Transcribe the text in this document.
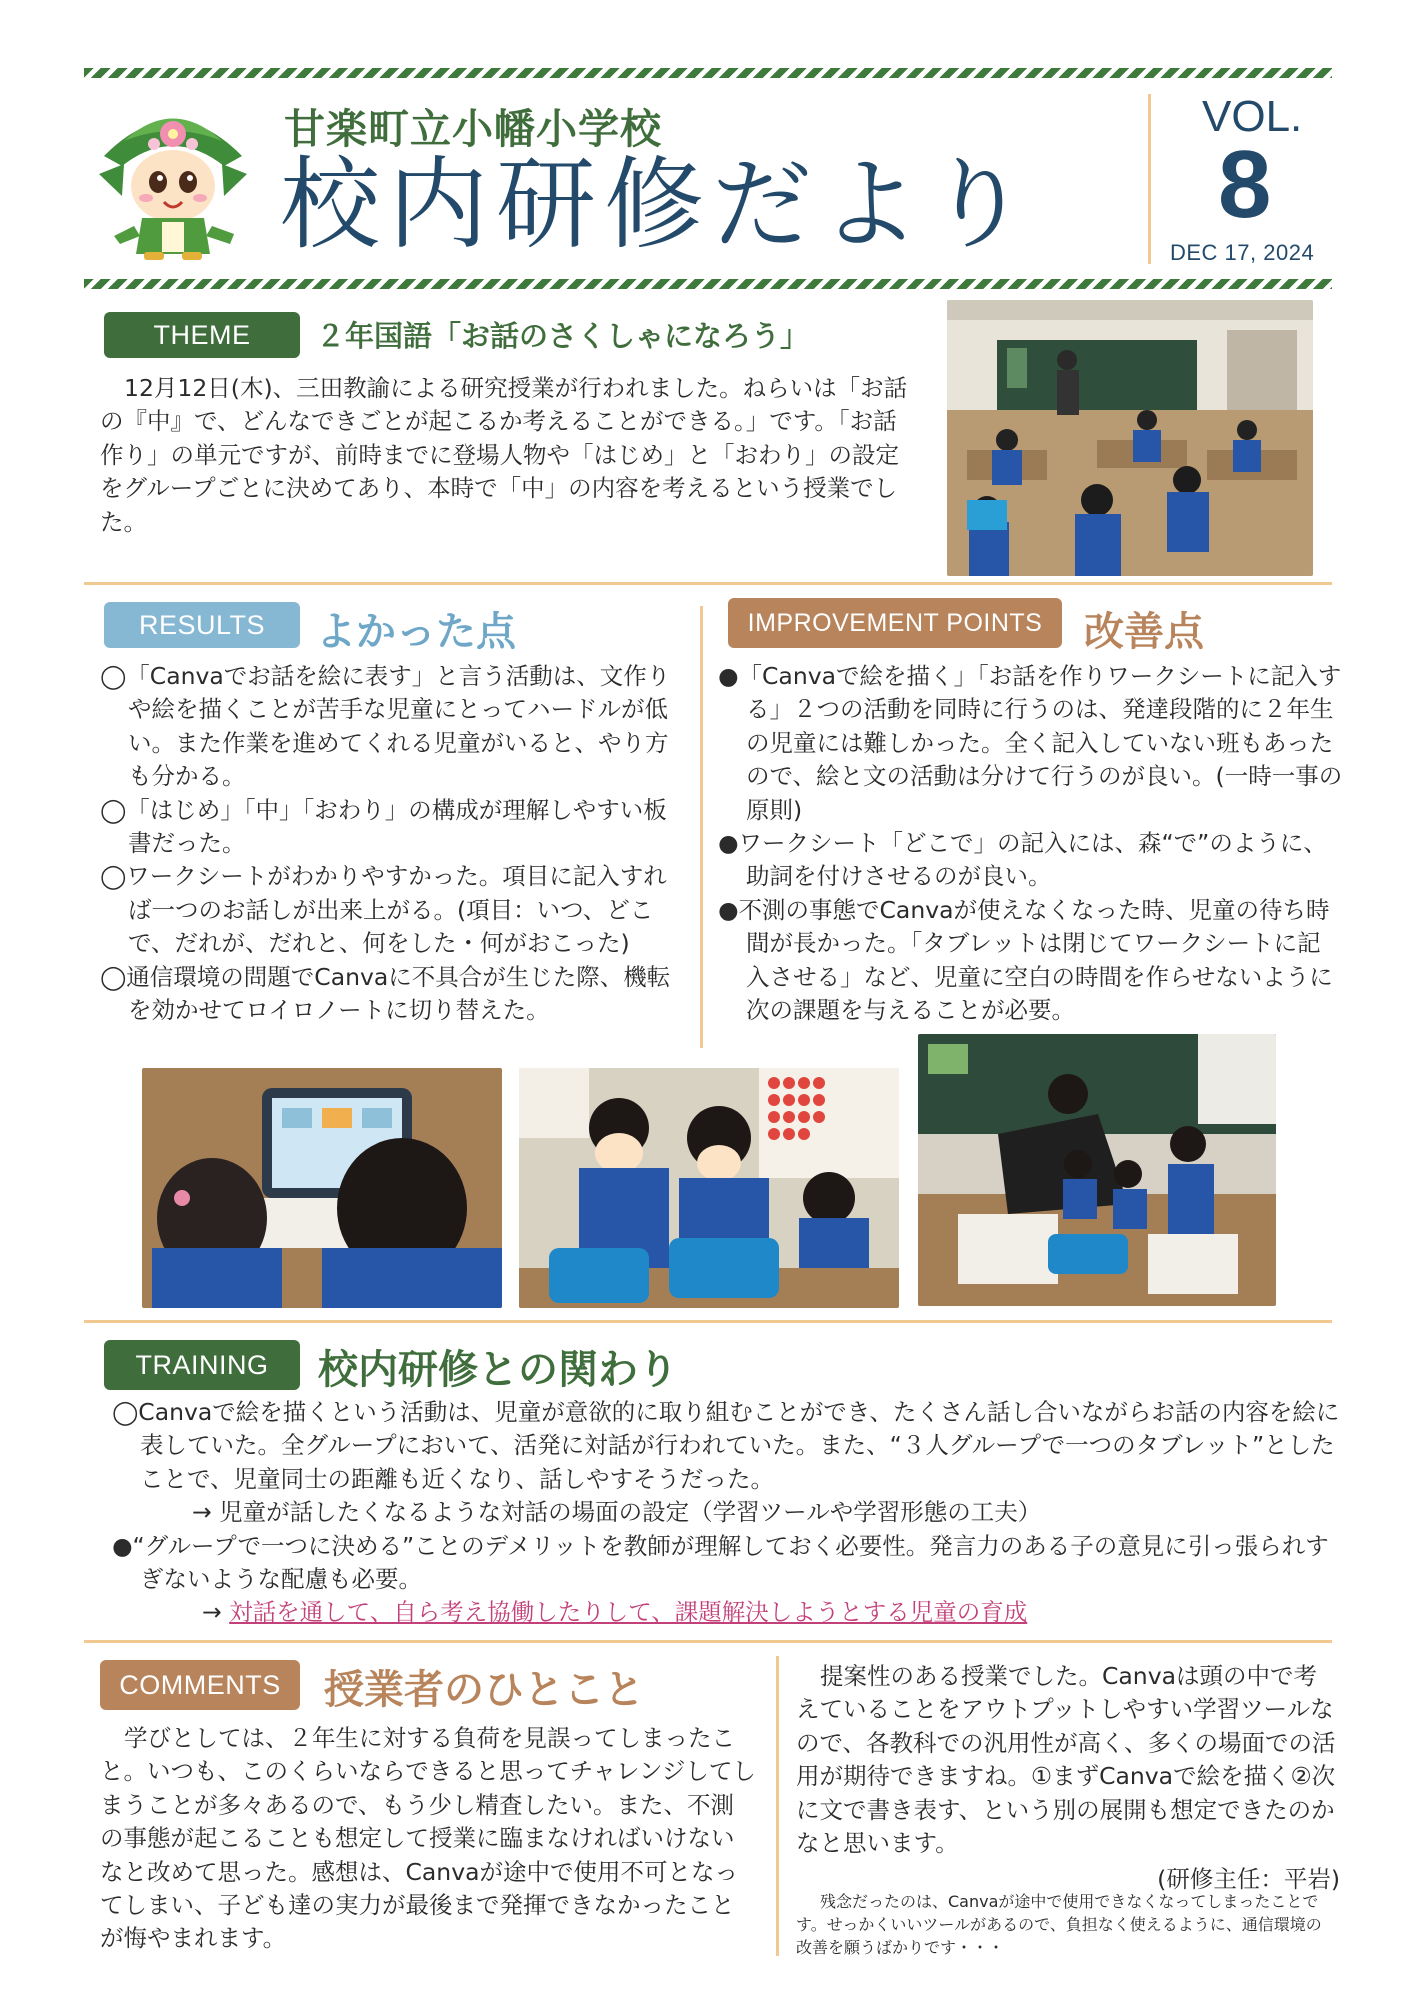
甘楽町立小幡小学校
校内研修だより
VOL.
8
DEC 17, 2024
THEME	２年国語「お話のさくしゃになろう」
12月12日(木)、三田教諭による研究授業が行われました。ねらいは「お話の『中』で、どんなできごとが起こるか考えることができる。」です。「お話作り」の単元ですが、前時までに登場人物や「はじめ」と「おわり」の設定をグループごとに決めてあり、本時で「中」の内容を考えるという授業でした。
RESULTS	よかった点

◯「Canvaでお話を絵に表す」と言う活動は、文作りや絵を描くことが苦手な児童にとってハードルが低い。また作業を進めてくれる児童がいると、やり方も分かる。

◯「はじめ」「中」「おわり」の構成が理解しやすい板書だった。

◯ワークシートがわかりやすかった。項目に記入すれば一つのお話しが出来上がる。(項目：いつ、どこで、だれが、だれと、何をした・何がおこった)

◯通信環境の問題でCanvaに不具合が生じた際、機転を効かせてロイロノートに切り替えた。

IMPROVEMENT POINTS	改善点

●「Canvaで絵を描く」「お話を作りワークシートに記入する」２つの活動を同時に行うのは、発達段階的に２年生の児童には難しかった。全く記入していない班もあったので、絵と文の活動は分けて行うのが良い。(一時一事の原則)

●ワークシート「どこで」の記入には、森“で”のように、助詞を付けさせるのが良い。

●不測の事態でCanvaが使えなくなった時、児童の待ち時間が長かった。「タブレットは閉じてワークシートに記入させる」など、児童に空白の時間を作らせないように次の課題を与えることが必要。

TRAINING	校内研修との関わり

◯Canvaで絵を描くという活動は、児童が意欲的に取り組むことができ、たくさん話し合いながらお話の内容を絵に表していた。全グループにおいて、活発に対話が行われていた。また、“３人グループで一つのタブレット”としたことで、児童同士の距離も近くなり、話しやすそうだった。

→ 児童が話したくなるような対話の場面の設定（学習ツールや学習形態の工夫）

●“グループで一つに決める”ことのデメリットを教師が理解しておく必要性。発言力のある子の意見に引っ張られすぎないような配慮も必要。

→ 対話を通して、自ら考え協働したりして、課題解決しようとする児童の育成

COMMENTS	授業者のひとこと
学びとしては、２年生に対する負荷を見誤ってしまったこと。いつも、このくらいならできると思ってチャレンジしてしまうことが多々あるので、もう少し精査したい。また、不測の事態が起こることも想定して授業に臨まなければいけないなと改めて思った。感想は、Canvaが途中で使用不可となってしまい、子ども達の実力が最後まで発揮できなかったことが悔やまれます。
提案性のある授業でした。Canvaは頭の中で考えていることをアウトプットしやすい学習ツールなので、各教科での汎用性が高く、多くの場面での活用が期待できますね。①まずCanvaで絵を描く②次に文で書き表す、という別の展開も想定できたのかなと思います。
(研修主任：平岩)
残念だったのは、Canvaが途中で使用できなくなってしまったことです。せっかくいいツールがあるので、負担なく使えるように、通信環境の改善を願うばかりです・・・
